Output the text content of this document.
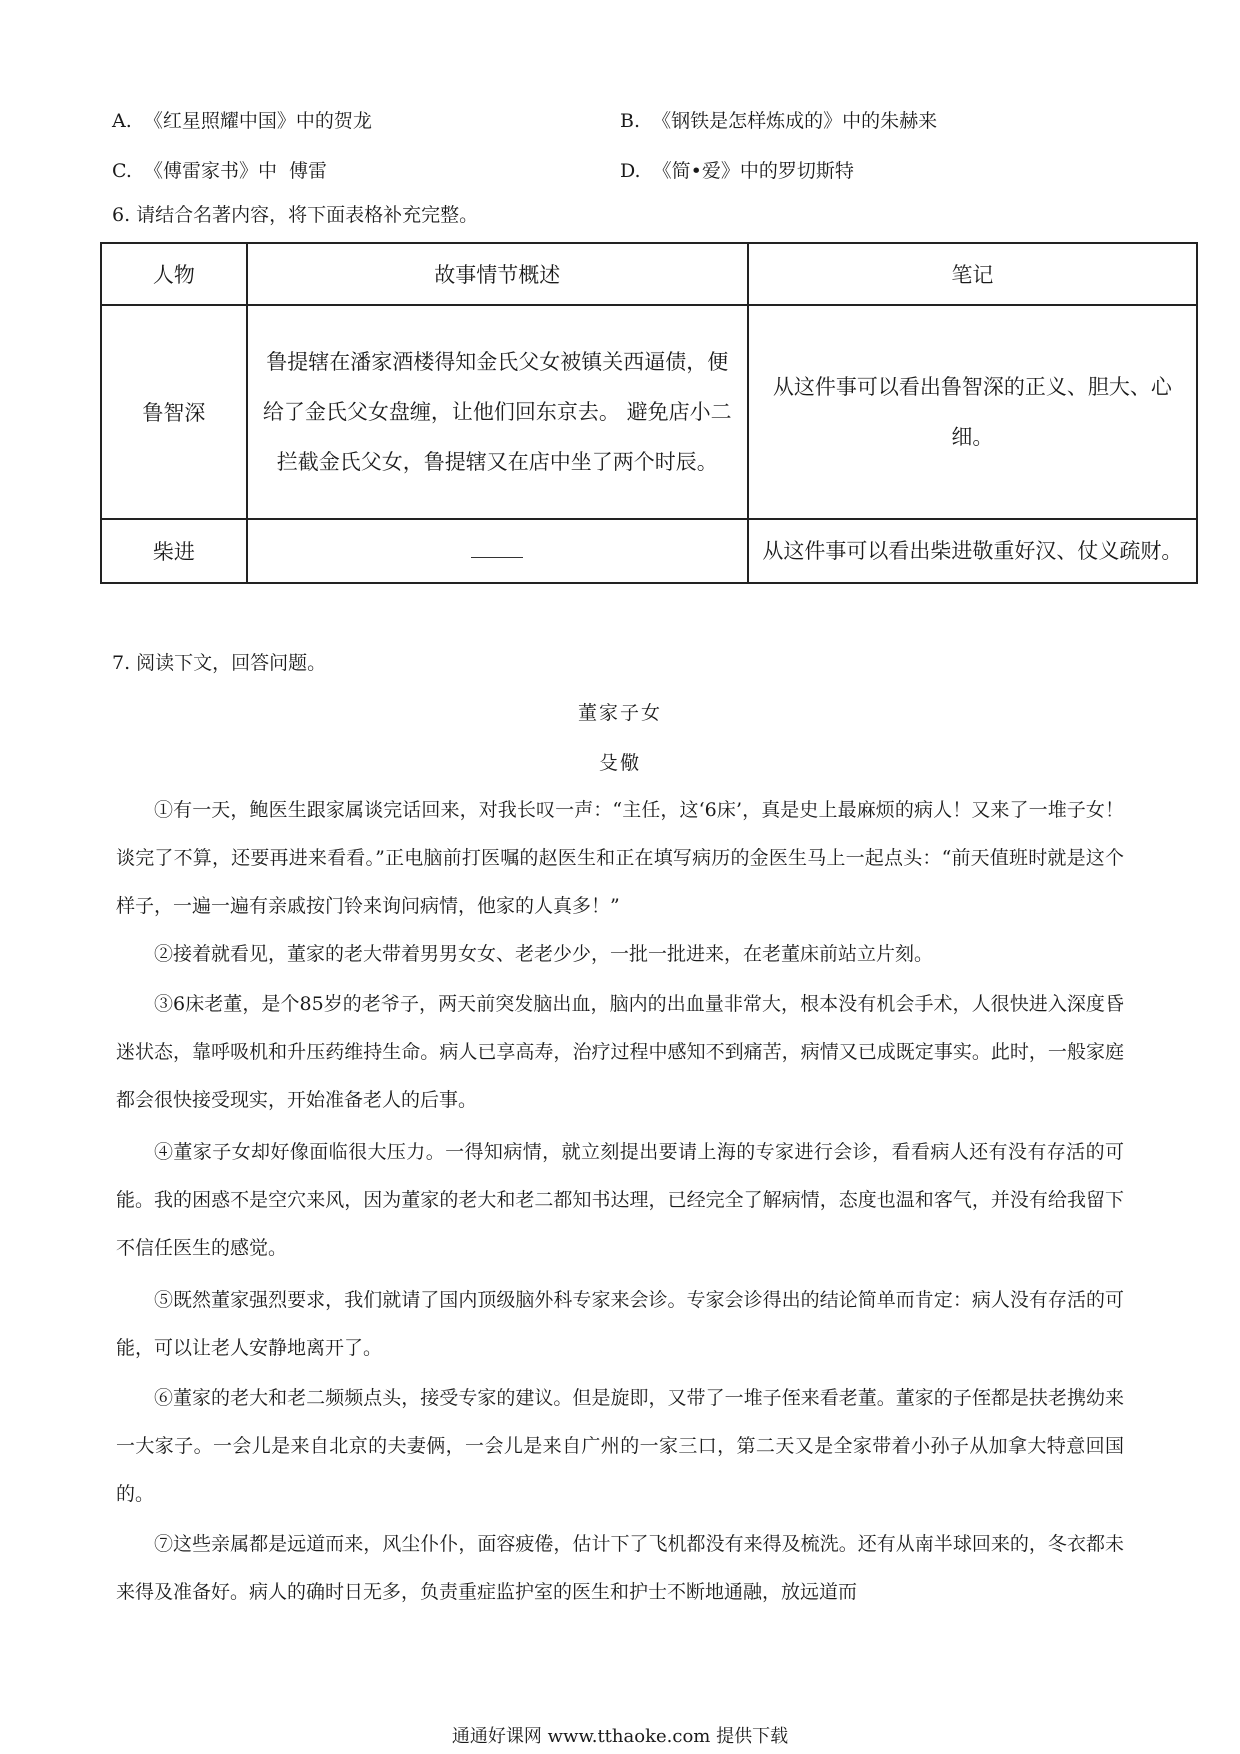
A.  《红星照耀中国》中的贺龙	B.  《钢铁是怎样炼成的》中的朱赫来
C.  《傅雷家书》中  傅雷	D.  《简•爱》中的罗切斯特
6. 请结合名著内容，将下面表格补充完整。
人物	故事情节概述	笔记
鲁智深	鲁提辖在潘家酒楼得知金氏父女被镇关西逼债，便给了金氏父女盘缠，让他们回东京去。 避免店小二拦截金氏父女，鲁提辖又在店中坐了两个时辰。	从这件事可以看出鲁智深的正义、胆大、心细。

柴进		从这件事可以看出柴进敬重好汉、仗义疏财。
7. 阅读下文，回答问题。
董家子女
殳儆

①有一天，鲍医生跟家属谈完话回来，对我长叹一声：“主任，这‘6床’，真是史上最麻烦的病人！又来了一堆子女！谈完了不算，还要再进来看看。”正电脑前打医嘱的赵医生和正在填写病历的金医生马上一起点头：“前天值班时就是这个样子，一遍一遍有亲戚按门铃来询问病情，他家的人真多！”

②接着就看见，董家的老大带着男男女女、老老少少，一批一批进来，在老董床前站立片刻。

③6床老董，是个85岁的老爷子，两天前突发脑出血，脑内的出血量非常大，根本没有机会手术，人很快进入深度昏迷状态，靠呼吸机和升压药维持生命。病人已享高寿，治疗过程中感知不到痛苦，病情又已成既定事实。此时，一般家庭都会很快接受现实，开始准备老人的后事。

④董家子女却好像面临很大压力。一得知病情，就立刻提出要请上海的专家进行会诊，看看病人还有没有存活的可能。我的困惑不是空穴来风，因为董家的老大和老二都知书达理，已经完全了解病情，态度也温和客气，并没有给我留下不信任医生的感觉。

⑤既然董家强烈要求，我们就请了国内顶级脑外科专家来会诊。专家会诊得出的结论简单而肯定：病人没有存活的可能，可以让老人安静地离开了。

⑥董家的老大和老二频频点头，接受专家的建议。但是旋即，又带了一堆子侄来看老董。董家的子侄都是扶老携幼来一大家子。一会儿是来自北京的夫妻俩，一会儿是来自广州的一家三口，第二天又是全家带着小孙子从加拿大特意回国的。

⑦这些亲属都是远道而来，风尘仆仆，面容疲倦，估计下了飞机都没有来得及梳洗。还有从南半球回来的，冬衣都未来得及准备好。病人的确时日无多，负责重症监护室的医生和护士不断地通融，放远道而

通通好课网 www.tthaoke.com 提供下载
